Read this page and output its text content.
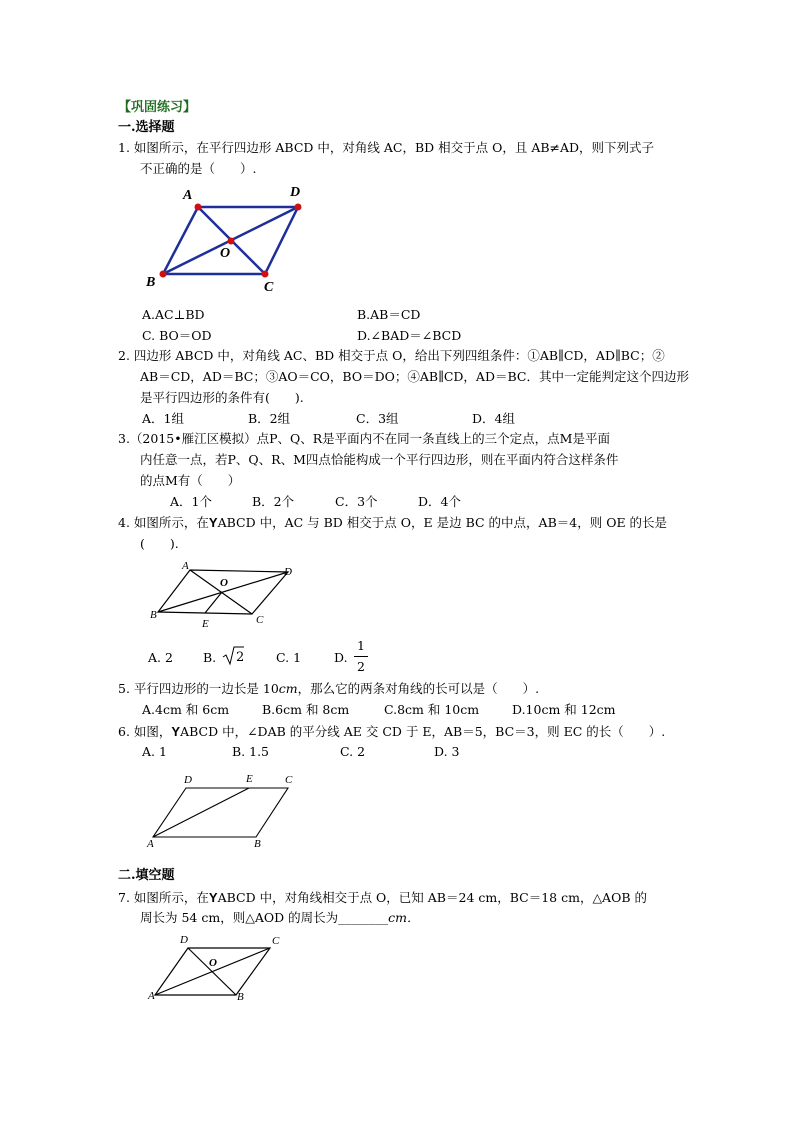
【巩固练习】
一.选择题
1. 如图所示，在平行四边形 ABCD 中，对角线 AC，BD 相交于点 O，且 AB≠AD，则下列式子
不正确的是（　　）.
A	D
O
B	C
A.AC⊥BD	B.AB＝CD
C. BO＝OD	D.∠BAD＝∠BCD
2. 四边形 ABCD 中，对角线 AC、BD 相交于点 O，给出下列四组条件：①AB∥CD，AD∥BC；②
AB＝CD，AD＝BC；③AO＝CO，BO＝DO；④AB∥CD，AD＝BC．其中一定能判定这个四边形
是平行四边形的条件有(　　).
A．1组	B．2组	C．3组	D．4组
3.（2015•雁江区模拟）点P、Q、R是平面内不在同一条直线上的三个定点，点M是平面
内任意一点，若P、Q、R、M四点恰能构成一个平行四边形，则在平面内符合这样条件
的点M有（　　）
A．1个	B．2个	C．3个	D．4个
4. 如图所示，在YABCD 中，AC 与 BD 相交于点 O，E 是边 BC 的中点，AB＝4，则 OE 的长是
(　　).
A	D
O
B
E	C
A. 2 B. 2	C. 1	D.
1
2
5. 平行四边形的一边长是 10cm，那么它的两条对角线的长可以是（　　）.
A.4cm 和 6cm	B.6cm 和 8cm	C.8cm 和 10cm	D.10cm 和 12cm
6. 如图，YABCD 中，∠DAB 的平分线 AE 交 CD 于 E，AB＝5，BC＝3，则 EC 的长（　　）.
A. 1	B. 1.5	C. 2	D. 3
D	E	C
A	B
二.填空题
7. 如图所示，在YABCD 中，对角线相交于点 O，已知 AB＝24 cm，BC＝18 cm，△AOB 的
周长为 54 cm，则△AOD 的周长为________cm．
D	C
O
A	B
